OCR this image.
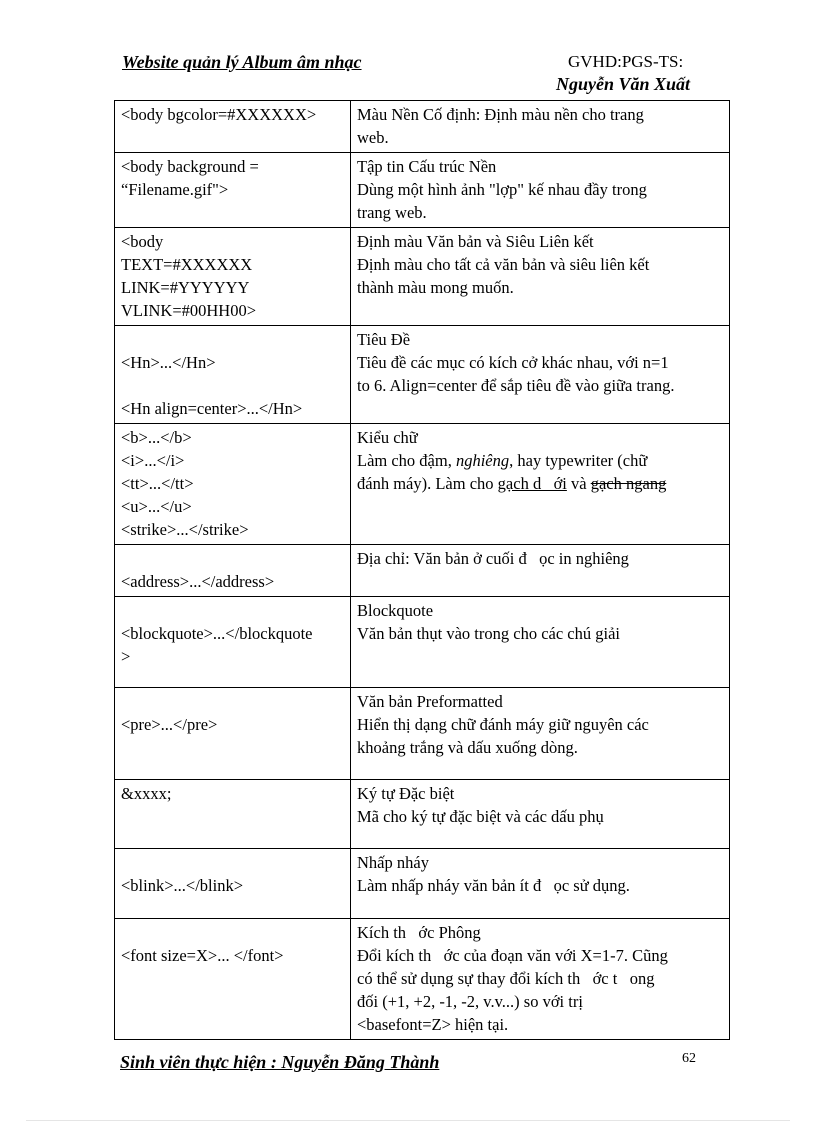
Website quản lý Album âm nhạc	GVHD:PGS-TS:
Nguyễn Văn Xuất
<body bgcolor=#XXXXXX>	Màu Nền Cố định: Định màu nền cho trang
web.

<body background =
“Filename.gif">	Tập tin Cấu trúc Nền
Dùng một hình ảnh "lợp" kế nhau đầy trong
trang web.

<body
TEXT=#XXXXXX
LINK=#YYYYYY
VLINK=#00HH00>	Định màu Văn bản và Siêu Liên kết
Định màu cho tất cả văn bản và siêu liên kết
thành màu mong muốn.

<Hn>...</Hn>
<Hn align=center>...</Hn>	Tiêu Đề
Tiêu đề các mục có kích cở khác nhau, với n=1
to 6. Align=center để sắp tiêu đề vào giữa trang.

<b>...</b>
<i>...</i>
<tt>...</tt>
<u>...</u>
<strike>...</strike>	Kiểu chữ
Làm cho đậm, nghiêng, hay typewriter (chữ
đánh máy). Làm cho gạch d   ới và gạch ngang

<address>...</address>	Địa chỉ: Văn bản ở cuối đ   ọc in nghiêng

<blockquote>...</blockquote
>	Blockquote
Văn bản thụt vào trong cho các chú giải

<pre>...</pre>	Văn bản Preformatted
Hiển thị dạng chữ đánh máy giữ nguyên các
khoảng trắng và dấu xuống dòng.

&xxxx;	Ký tự Đặc biệt
Mã cho ký tự đặc biệt và các dấu phụ

<blink>...</blink>	Nhấp nháy
Làm nhấp nháy văn bản ít đ   ọc sử dụng.

<font size=X>... </font>	Kích th   ớc Phông
Đổi kích th   ớc của đoạn văn với X=1-7. Cũng
có thể sử dụng sự thay đổi kích th   ớc t   ong
đối (+1, +2, -1, -2, v.v...) so với trị
<basefont=Z> hiện tại.
Sinh viên thực hiện : Nguyễn Đăng Thành	62
